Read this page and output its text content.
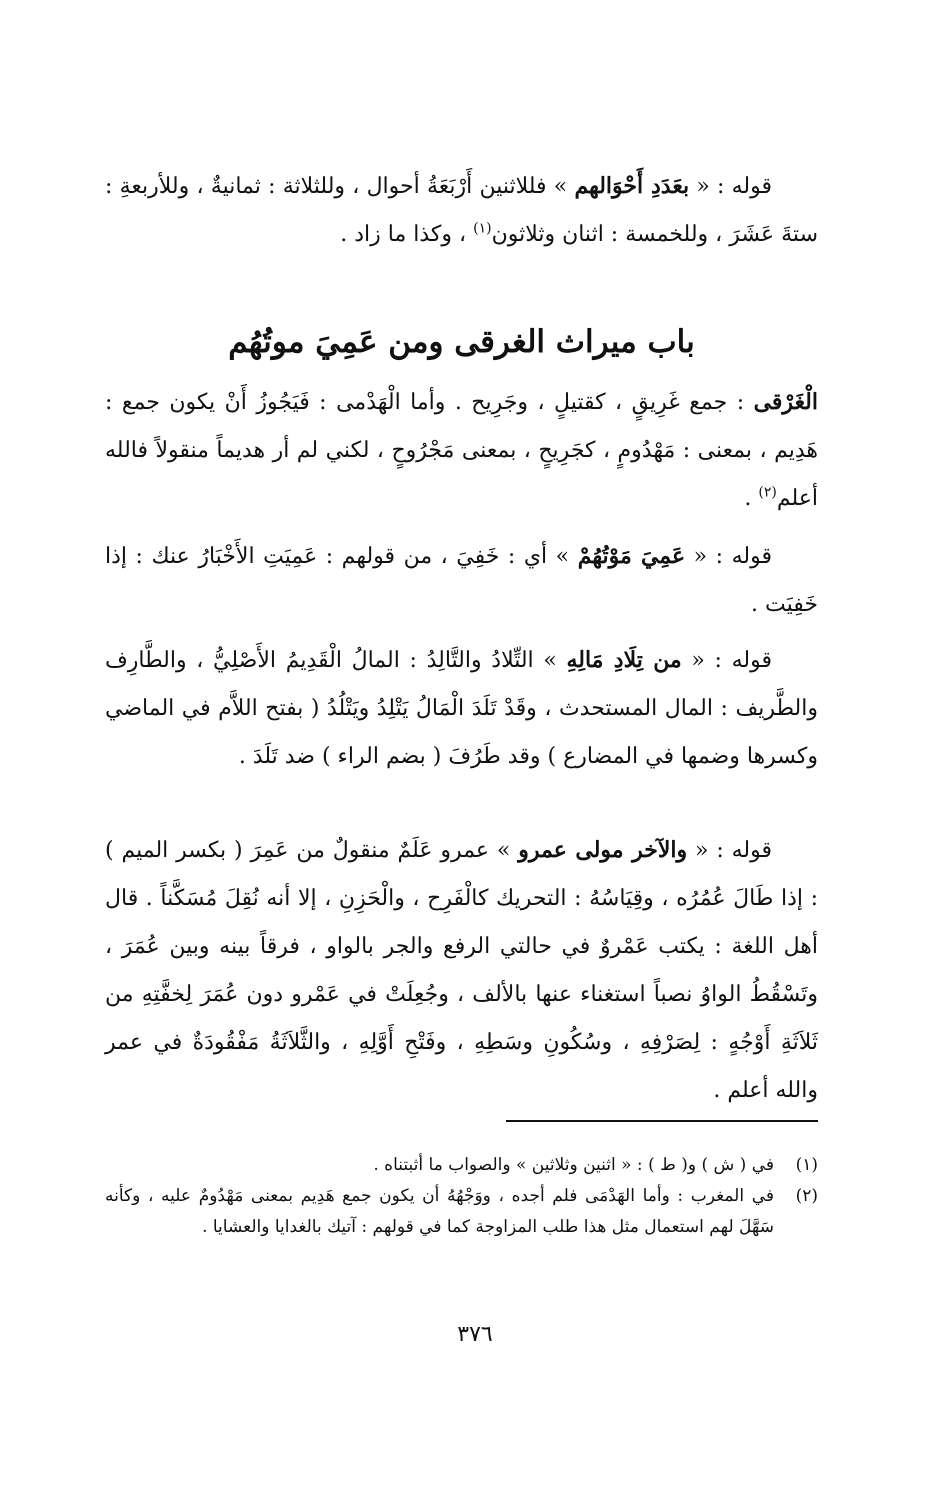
قوله : « بعَدَدِ أَحْوَالهم » فللاثنين أَرْبَعَةُ أحوال ، وللثلاثة : ثمانيةٌ ، وللأربعةِ : ستةَ عَشَرَ ، وللخمسة : اثنان وثلاثون$^{(١)}$ ، وكذا ما زاد .

باب ميراث الغرقى ومن عَمِيَ موتُهُم

الْغَرْقى : جمع غَرِيقٍ ، كقتيلٍ ، وجَرِيح . وأما الْهَدْمى : فَيَجُوزُ أَنْ يكون جمع : هَدِيم ، بمعنى : مَهْدُومٍ ، كجَرِيحٍ ، بمعنى مَجْرُوحٍ ، لكني لم أر هديماً منقولاً فالله أعلم$^{(٢)}$ .

قوله : « عَمِيَ مَوْتُهُمْ » أي : خَفِيَ ، من قولهم : عَمِيَتِ الأَخْبَارُ عنك : إذا خَفِيَت .

قوله : « من تِلَادِ مَالِهِ » التِّلادُ والتَّالِدُ : المالُ الْقَدِيمُ الأَصْلِيُّ ، والطَّارِف والطَّريف : المال المستحدث ، وقَدْ تَلَدَ الْمَالُ يَتْلِدُ ويَتْلُدُ ( بفتح اللاَّم في الماضي وكسرها وضمها في المضارع ) وقد طَرُفَ ( بضم الراء ) ضد تَلَدَ .

قوله : « والآخر مولى عمرو » عمرو عَلَمٌ منقولٌ من عَمِرَ ( بكسر الميم ) : إذا طَالَ عُمُرُه ، وقِيَاسُهُ : التحريك كالْفَرِح ، والْحَزِنِ ، إلا أنه نُقِلَ مُسَكَّناً . قال أهل اللغة : يكتب عَمْروٌ في حالتي الرفع والجر بالواو ، فرقاً بينه وبين عُمَرَ ، وتَسْقُطُ الواوُ نصباً استغناء عنها بالألف ، وجُعِلَتْ في عَمْرو دون عُمَرَ لِخفَّتِهِ من ثَلاَثَةِ أَوْجُهٍ : لِصَرْفِهِ ، وسُكُونِ وسَطِهِ ، وفَتْحِ أَوَّلِهِ ، والثَّلاَثَةُ مَفْقُودَةٌ في عمر والله أعلم .

(١)
في ( ش ) و( ط ) : « اثنين وثلاثين » والصواب ما أثبتناه .
(٢)
في المغرب : وأما الهَدْمَى فلم أجده ، ووَجْهُهُ أن يكون جمع هَدِيم بمعنى مَهْدُومٌ عليه ، وكأنه سَهَّلَ لهم استعمال مثل هذا طلب المزاوجة كما في قولهم : آتيك بالغدايا والعشايا .
٣٧٦
